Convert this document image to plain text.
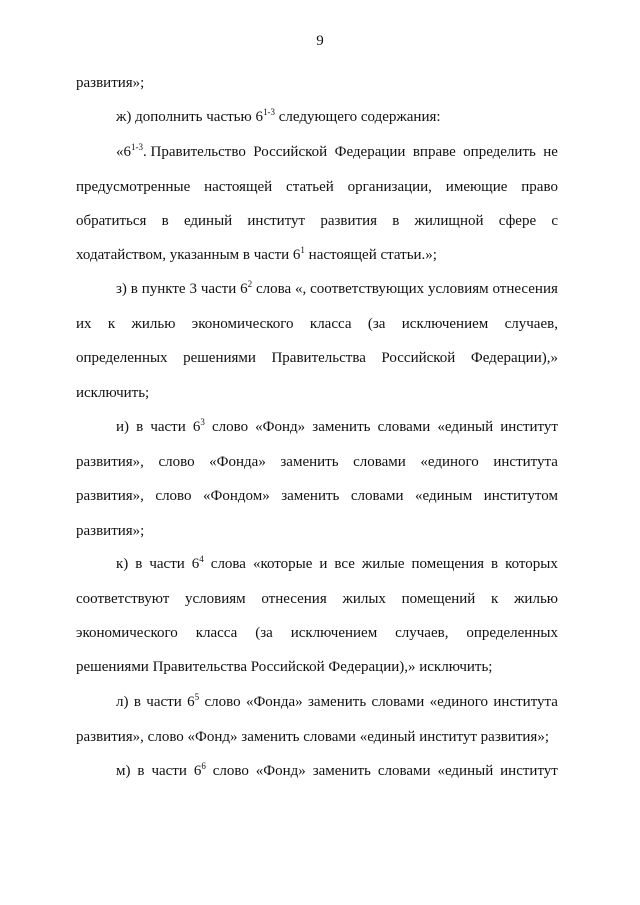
9
развития»;
ж) дополнить частью 6$^{1-3}$ следующего содержания:
«6$^{1-3}$. Правительство Российской Федерации вправе определить не
предусмотренные настоящей статьей организации, имеющие право
обратиться в единый институт развития в жилищной сфере с
ходатайством, указанным в части $6^1$ настоящей статьи.»;
з) в пункте 3 части $6^2$ слова «, соответствующих условиям отнесения
их к жилью экономического класса (за исключением случаев,
определенных решениями Правительства Российской Федерации),»
исключить;
и) в части $6^3$ слово «Фонд» заменить словами «единый институт
развития», слово «Фонда» заменить словами «единого института
развития», слово «Фондом» заменить словами «единым институтом
развития»;
к) в части $6^4$ слова «которые и все жилые помещения в которых
соответствуют условиям отнесения жилых помещений к жилью
экономического класса (за исключением случаев, определенных
решениями Правительства Российской Федерации),» исключить;
л) в части $6^5$ слово «Фонда» заменить словами «единого института
развития», слово «Фонд» заменить словами «единый институт развития»;
м) в части $6^6$ слово «Фонд» заменить словами «единый институт
